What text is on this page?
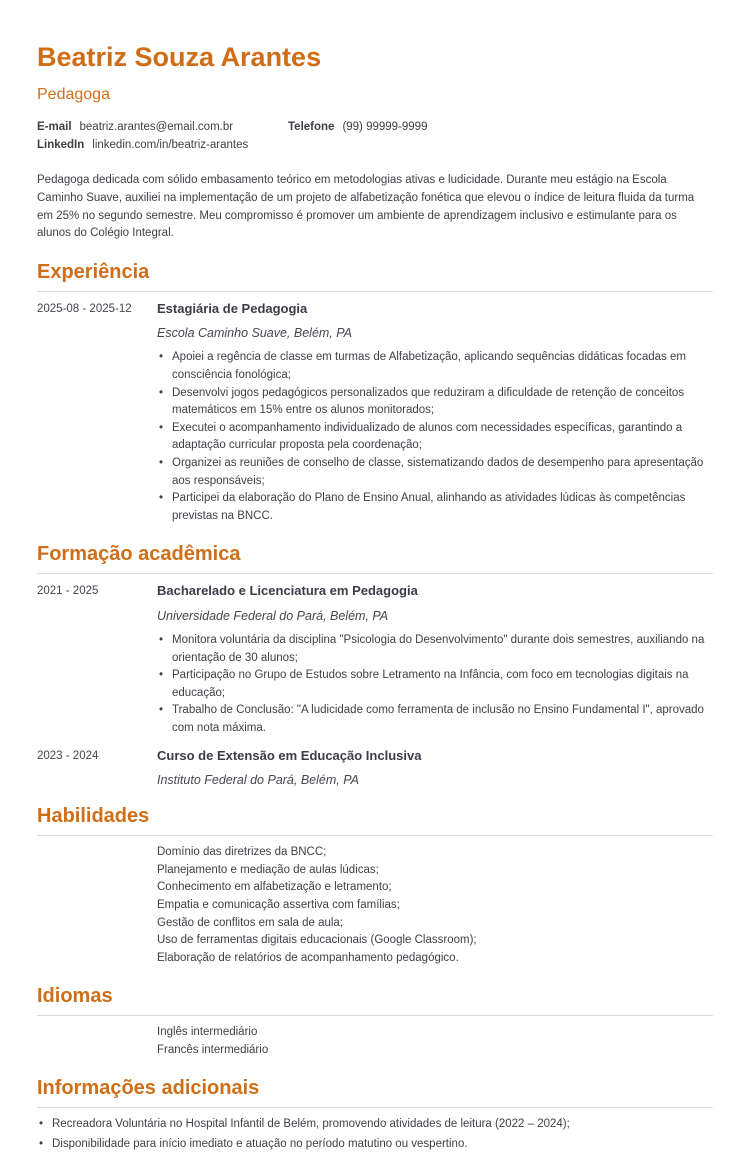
Beatriz Souza Arantes
Pedagoga
E-mail beatriz.arantes@email.com.br	Telefone (99) 99999-9999
LinkedIn linkedin.com/in/beatriz-arantes

Pedagoga dedicada com sólido embasamento teórico em metodologias ativas e ludicidade. Durante meu estágio na Escola Caminho Suave, auxiliei na implementação de um projeto de alfabetização fonética que elevou o índice de leitura fluida da turma em 25% no segundo semestre. Meu compromisso é promover um ambiente de aprendizagem inclusivo e estimulante para os alunos do Colégio Integral.

Experiência
2025-08 - 2025-12	Estagiária de Pedagogia
Escola Caminho Suave, Belém, PA
• Apoiei a regência de classe em turmas de Alfabetização, aplicando sequências didáticas focadas em consciência fonológica;
• Desenvolvi jogos pedagógicos personalizados que reduziram a dificuldade de retenção de conceitos matemáticos em 15% entre os alunos monitorados;
• Executei o acompanhamento individualizado de alunos com necessidades específicas, garantindo a adaptação curricular proposta pela coordenação;
• Organizei as reuniões de conselho de classe, sistematizando dados de desempenho para apresentação aos responsáveis;
• Participei da elaboração do Plano de Ensino Anual, alinhando as atividades lúdicas às competências previstas na BNCC.
Formação acadêmica
2021 - 2025	Bacharelado e Licenciatura em Pedagogia
Universidade Federal do Pará, Belém, PA
• Monitora voluntária da disciplina "Psicologia do Desenvolvimento" durante dois semestres, auxiliando na orientação de 30 alunos;
• Participação no Grupo de Estudos sobre Letramento na Infância, com foco em tecnologias digitais na educação;
• Trabalho de Conclusão: "A ludicidade como ferramenta de inclusão no Ensino Fundamental I", aprovado com nota máxima.
2023 - 2024	Curso de Extensão em Educação Inclusiva
Instituto Federal do Pará, Belém, PA
Habilidades
Domínio das diretrizes da BNCC;
Planejamento e mediação de aulas lúdicas;
Conhecimento em alfabetização e letramento;
Empatia e comunicação assertiva com famílias;
Gestão de conflitos em sala de aula;
Uso de ferramentas digitais educacionais (Google Classroom);
Elaboração de relatórios de acompanhamento pedagógico.
Idiomas
Inglês intermediário
Francês intermediário
Informações adicionais
• Recreadora Voluntária no Hospital Infantil de Belém, promovendo atividades de leitura (2022 – 2024);
• Disponibilidade para início imediato e atuação no período matutino ou vespertino.
